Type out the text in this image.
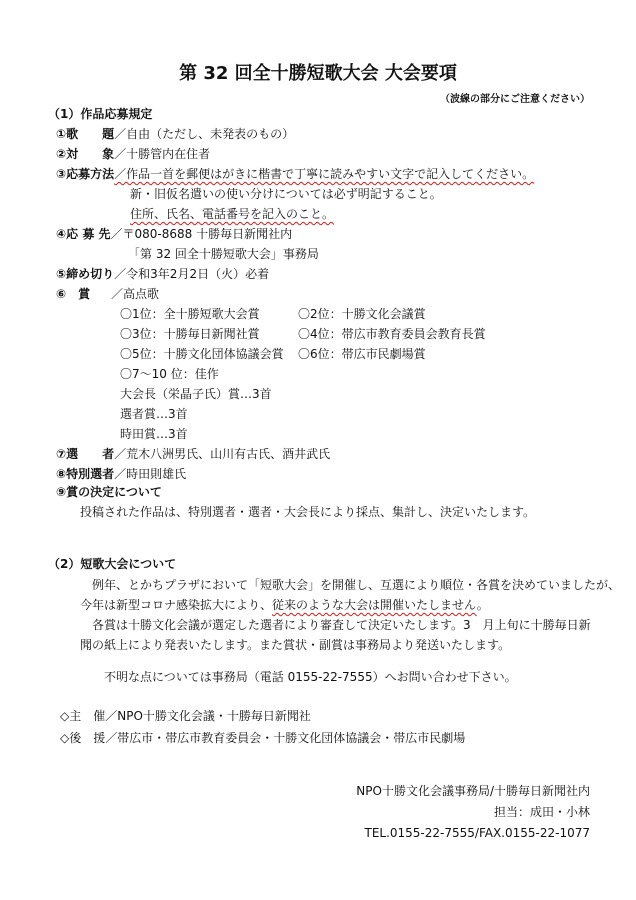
第 32 回全十勝短歌大会 大会要項
（波線の部分にご注意ください）
（1）作品応募規定
①歌　　題／自由（ただし、未発表のもの）
②対　　象／十勝管内在住者
③応募方法／作品一首を郵便はがきに楷書で丁寧に読みやすい文字で記入してください。
新・旧仮名遣いの使い分けについては必ず明記すること。
住所、氏名、電話番号を記入のこと。
④応 募 先／〒080-8688 十勝毎日新聞社内
「第 32 回全十勝短歌大会」事務局
⑤締め切り／令和3年2月2日（火）必着
⑥　賞 ／高点歌
〇1位：全十勝短歌大会賞	〇2位：十勝文化会議賞
〇3位：十勝毎日新聞社賞	〇4位：帯広市教育委員会教育長賞
〇5位：十勝文化団体協議会賞 〇6位：帯広市民劇場賞
〇7～10 位：佳作
大会長（栄晶子氏）賞…3首
選者賞…3首
時田賞…3首
⑦選　　者／荒木八洲男氏、山川有古氏、酒井武氏
⑧特別選者／時田則雄氏
⑨賞の決定について
投稿された作品は、特別選者・選者・大会長により採点、集計し、決定いたします。
（2）短歌大会について
例年、とかちプラザにおいて「短歌大会」を開催し、互選により順位・各賞を決めていましたが、
今年は新型コロナ感染拡大により、従来のような大会は開催いたしません。
各賞は十勝文化会議が選定した選者により審査して決定いたします。3　月上旬に十勝毎日新
聞の紙上により発表いたします。また賞状・副賞は事務局より発送いたします。
不明な点については事務局（電話 0155-22-7555）へお問い合わせ下さい。
◇主　催／NPO十勝文化会議・十勝毎日新聞社
◇後　援／帯広市・帯広市教育委員会・十勝文化団体協議会・帯広市民劇場
NPO十勝文化会議事務局/十勝毎日新聞社内
担当：成田・小林
TEL.0155-22-7555/FAX.0155-22-1077
